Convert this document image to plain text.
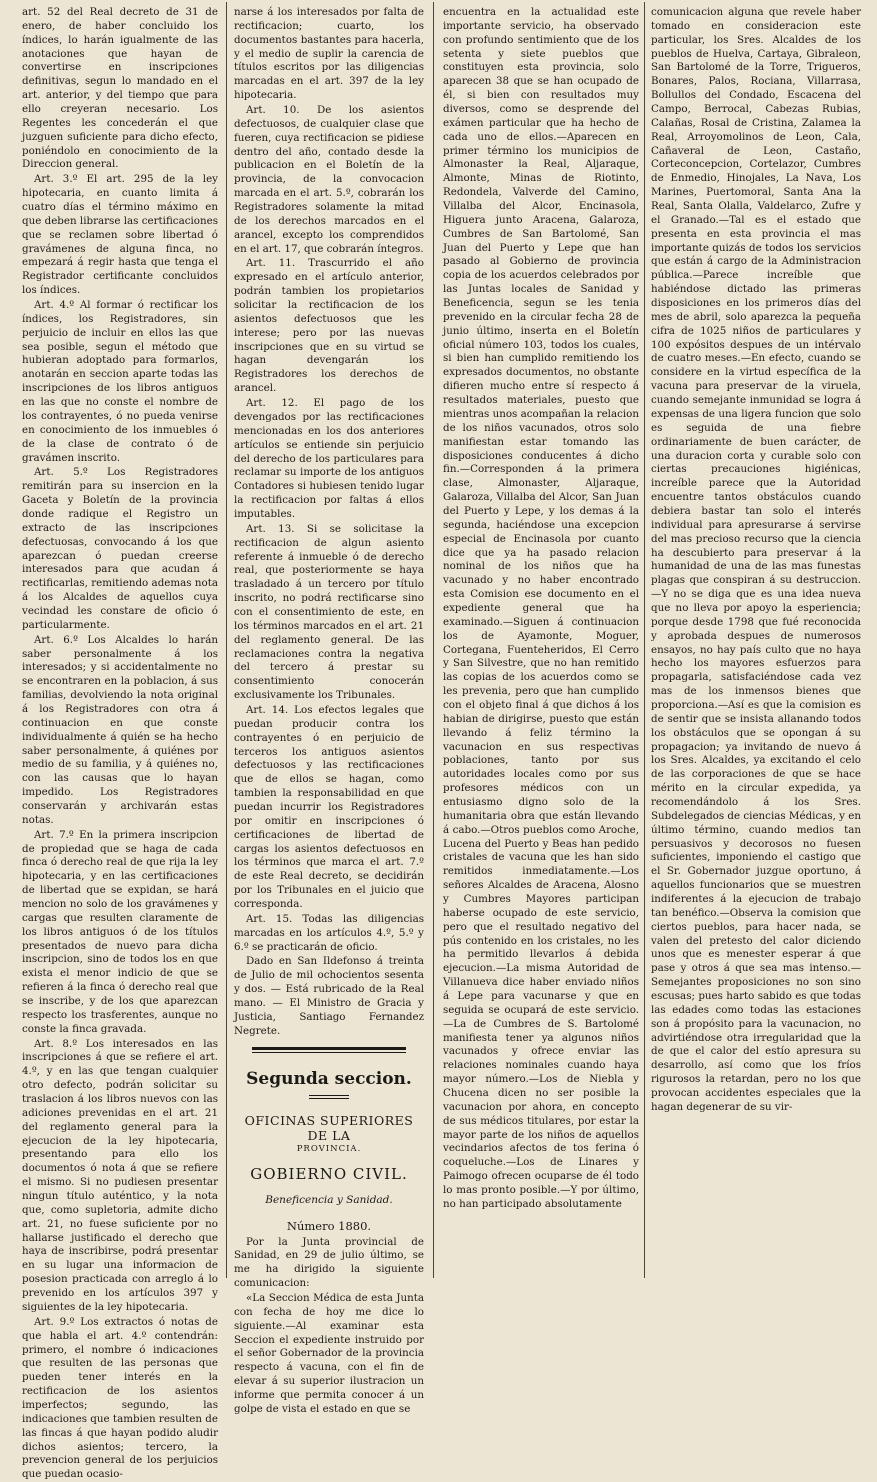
art. 52 del Real decreto de 31 de enero, de haber concluido los índices, lo harán igualmente de las anotaciones que hayan de convertirse en inscripciones definitivas, segun lo mandado en el art. anterior, y del tiempo que para ello creyeran necesario. Los Regentes les concederán el que juzguen suficiente para dicho efecto, poniéndolo en conocimiento de la Direccion general.

Art. 3.º El art. 295 de la ley hipotecaria, en cuanto limita á cuatro días el término máximo en que deben librarse las certificaciones que se reclamen sobre libertad ó gravámenes de alguna finca, no empezará á regir hasta que tenga el Registrador certificante concluidos los índices.

Art. 4.º Al formar ó rectificar los índices, los Registradores, sin perjuicio de incluir en ellos las que sea posible, segun el método que hubieran adoptado para formarlos, anotarán en seccion aparte todas las inscripciones de los libros antiguos en las que no conste el nombre de los contrayentes, ó no pueda venirse en conocimiento de los inmuebles ó de la clase de contrato ó de gravámen inscrito.

Art. 5.º Los Registradores remitirán para su insercion en la Gaceta y Boletín de la provincia donde radique el Registro un extracto de las inscripciones defectuosas, convocando á los que aparezcan ó puedan creerse interesados para que acudan á rectificarlas, remitiendo ademas nota á los Alcaldes de aquellos cuya vecindad les constare de oficio ó particularmente.

Art. 6.º Los Alcaldes lo harán saber personalmente á los interesados; y si accidentalmente no se encontraren en la poblacion, á sus familias, devolviendo la nota original á los Registradores con otra á continuacion en que conste individualmente á quién se ha hecho saber personalmente, á quiénes por medio de su familia, y á quiénes no, con las causas que lo hayan impedido. Los Registradores conservarán y archivarán estas notas.

Art. 7.º En la primera inscripcion de propiedad que se haga de cada finca ó derecho real de que rija la ley hipotecaria, y en las certificaciones de libertad que se expidan, se hará mencion no solo de los gravámenes y cargas que resulten claramente de los libros antiguos ó de los títulos presentados de nuevo para dicha inscripcion, sino de todos los en que exista el menor indicio de que se refieren á la finca ó derecho real que se inscribe, y de los que aparezcan respecto los trasferentes, aunque no conste la finca gravada.

Art. 8.º Los interesados en las inscripciones á que se refiere el art. 4.º, y en las que tengan cualquier otro defecto, podrán solicitar su traslacion á los libros nuevos con las adiciones prevenidas en el art. 21 del reglamento general para la ejecucion de la ley hipotecaria, presentando para ello los documentos ó nota á que se refiere el mismo. Si no pudiesen presentar ningun título auténtico, y la nota que, como supletoria, admite dicho art. 21, no fuese suficiente por no hallarse justificado el derecho que haya de inscribirse, podrá presentar en su lugar una informacion de posesion practicada con arreglo á lo prevenido en los artículos 397 y siguientes de la ley hipotecaria.

Art. 9.º Los extractos ó notas de que habla el art. 4.º contendrán: primero, el nombre ó indicaciones que resulten de las personas que pueden tener interés en la rectificacion de los asientos imperfectos; segundo, las indicaciones que tambien resulten de las fincas á que hayan podido aludir dichos asientos; tercero, la prevencion general de los perjuicios que puedan ocasio-

narse á los interesados por falta de rectificacion; cuarto, los documentos bastantes para hacerla, y el medio de suplir la carencia de títulos escritos por las diligencias marcadas en el art. 397 de la ley hipotecaria.

Art. 10. De los asientos defectuosos, de cualquier clase que fueren, cuya rectificacion se pidiese dentro del año, contado desde la publicacion en el Boletín de la provincia, de la convocacion marcada en el art. 5.º, cobrarán los Registradores solamente la mitad de los derechos marcados en el arancel, excepto los comprendidos en el art. 17, que cobrarán íntegros.

Art. 11. Trascurrido el año expresado en el artículo anterior, podrán tambien los propietarios solicitar la rectificacion de los asientos defectuosos que les interese; pero por las nuevas inscripciones que en su virtud se hagan devengarán los Registradores los derechos de arancel.

Art. 12. El pago de los devengados por las rectificaciones mencionadas en los dos anteriores artículos se entiende sin perjuicio del derecho de los particulares para reclamar su importe de los antiguos Contadores si hubiesen tenido lugar la rectificacion por faltas á ellos imputables.

Art. 13. Si se solicitase la rectificacion de algun asiento referente á inmueble ó de derecho real, que posteriormente se haya trasladado á un tercero por título inscrito, no podrá rectificarse sino con el consentimiento de este, en los términos marcados en el art. 21 del reglamento general. De las reclamaciones contra la negativa del tercero á prestar su consentimiento conocerán exclusivamente los Tribunales.

Art. 14. Los efectos legales que puedan producir contra los contrayentes ó en perjuicio de terceros los antiguos asientos defectuosos y las rectificaciones que de ellos se hagan, como tambien la responsabilidad en que puedan incurrir los Registradores por omitir en inscripciones ó certificaciones de libertad de cargas los asientos defectuosos en los términos que marca el art. 7.º de este Real decreto, se decidirán por los Tribunales en el juicio que corresponda.

Art. 15. Todas las diligencias marcadas en los artículos 4.º, 5.º y 6.º se practicarán de oficio.

Dado en San Ildefonso á treinta de Julio de mil ochocientos sesenta y dos. — Está rubricado de la Real mano. — El Ministro de Gracia y Justicia, Santiago Fernandez Negrete.

Segunda seccion.
OFICINAS SUPERIORES DE LA
PROVINCIA.
GOBIERNO CIVIL.
Beneficencia y Sanidad.
Número 1880.

Por la Junta provincial de Sanidad, en 29 de julio último, se me ha dirigido la siguiente comunicacion:

«La Seccion Médica de esta Junta con fecha de hoy me dice lo siguiente.—Al examinar esta Seccion el expediente instruido por el señor Gobernador de la provincia respecto á vacuna, con el fin de elevar á su superior ilustracion un informe que permita conocer á un golpe de vista el estado en que se

encuentra en la actualidad este importante servicio, ha observado con profundo sentimiento que de los setenta y siete pueblos que constituyen esta provincia, solo aparecen 38 que se han ocupado de él, si bien con resultados muy diversos, como se desprende del exámen particular que ha hecho de cada uno de ellos.—Aparecen en primer término los municipios de Almonaster la Real, Aljaraque, Almonte, Minas de Riotinto, Redondela, Valverde del Camino, Villalba del Alcor, Encinasola, Higuera junto Aracena, Galaroza, Cumbres de San Bartolomé, San Juan del Puerto y Lepe que han pasado al Gobierno de provincia copia de los acuerdos celebrados por las Juntas locales de Sanidad y Beneficencia, segun se les tenia prevenido en la circular fecha 28 de junio último, inserta en el Boletín oficial número 103, todos los cuales, si bien han cumplido remitiendo los expresados documentos, no obstante difieren mucho entre sí respecto á resultados materiales, puesto que mientras unos acompañan la relacion de los niños vacunados, otros solo manifiestan estar tomando las disposiciones conducentes á dicho fin.—Corresponden á la primera clase, Almonaster, Aljaraque, Galaroza, Villalba del Alcor, San Juan del Puerto y Lepe, y los demas á la segunda, haciéndose una excepcion especial de Encinasola por cuanto dice que ya ha pasado relacion nominal de los niños que ha vacunado y no haber encontrado esta Comision ese documento en el expediente general que ha examinado.—Siguen á continuacion los de Ayamonte, Moguer, Cortegana, Fuenteheridos, El Cerro y San Silvestre, que no han remitido las copias de los acuerdos como se les prevenia, pero que han cumplido con el objeto final á que dichos á los habian de dirigirse, puesto que están llevando á feliz término la vacunacion en sus respectivas poblaciones, tanto por sus autoridades locales como por sus profesores médicos con un entusiasmo digno solo de la humanitaria obra que están llevando á cabo.—Otros pueblos como Aroche, Lucena del Puerto y Beas han pedido cristales de vacuna que les han sido remitidos inmediatamente.—Los señores Alcaldes de Aracena, Alosno y Cumbres Mayores participan haberse ocupado de este servicio, pero que el resultado negativo del pús contenido en los cristales, no les ha permitido llevarlos á debida ejecucion.—La misma Autoridad de Villanueva dice haber enviado niños á Lepe para vacunarse y que en seguida se ocupará de este servicio.—La de Cumbres de S. Bartolomé manifiesta tener ya algunos niños vacunados y ofrece enviar las relaciones nominales cuando haya mayor número.—Los de Niebla y Chucena dicen no ser posible la vacunacion por ahora, en concepto de sus médicos titulares, por estar la mayor parte de los niños de aquellos vecindarios afectos de tos ferina ó coqueluche.—Los de Linares y Paimogo ofrecen ocuparse de él todo lo mas pronto posible.—Y por último, no han participado absolutamente

comunicacion alguna que revele haber tomado en consideracion este particular, los Sres. Alcaldes de los pueblos de Huelva, Cartaya, Gibraleon, San Bartolomé de la Torre, Trigueros, Bonares, Palos, Rociana, Villarrasa, Bollullos del Condado, Escacena del Campo, Berrocal, Cabezas Rubias, Calañas, Rosal de Cristina, Zalamea la Real, Arroyomolinos de Leon, Cala, Cañaveral de Leon, Castaño, Corteconcepcion, Cortelazor, Cumbres de Enmedio, Hinojales, La Nava, Los Marines, Puertomoral, Santa Ana la Real, Santa Olalla, Valdelarco, Zufre y el Granado.—Tal es el estado que presenta en esta provincia el mas importante quizás de todos los servicios que están á cargo de la Administracion pública.—Parece increíble que habiéndose dictado las primeras disposiciones en los primeros días del mes de abril, solo aparezca la pequeña cifra de 1025 niños de particulares y 100 expósitos despues de un intérvalo de cuatro meses.—En efecto, cuando se considere en la virtud específica de la vacuna para preservar de la viruela, cuando semejante inmunidad se logra á expensas de una ligera funcion que solo es seguida de una fiebre ordinariamente de buen carácter, de una duracion corta y curable solo con ciertas precauciones higiénicas, increíble parece que la Autoridad encuentre tantos obstáculos cuando debiera bastar tan solo el interés individual para apresurarse á servirse del mas precioso recurso que la ciencia ha descubierto para preservar á la humanidad de una de las mas funestas plagas que conspiran á su destruccion.—Y no se diga que es una idea nueva que no lleva por apoyo la esperiencia; porque desde 1798 que fué reconocida y aprobada despues de numerosos ensayos, no hay país culto que no haya hecho los mayores esfuerzos para propagarla, satisfaciéndose cada vez mas de los inmensos bienes que proporciona.—Así es que la comision es de sentir que se insista allanando todos los obstáculos que se opongan á su propagacion; ya invitando de nuevo á los Sres. Alcaldes, ya excitando el celo de las corporaciones de que se hace mérito en la circular expedida, ya recomendándolo á los Sres. Subdelegados de ciencias Médicas, y en último término, cuando medios tan persuasivos y decorosos no fuesen suficientes, imponiendo el castigo que el Sr. Gobernador juzgue oportuno, á aquellos funcionarios que se muestren indiferentes á la ejecucion de trabajo tan benéfico.—Observa la comision que ciertos pueblos, para hacer nada, se valen del pretesto del calor diciendo unos que es menester esperar á que pase y otros á que sea mas intenso.—Semejantes proposiciones no son sino escusas; pues harto sabido es que todas las edades como todas las estaciones son á propósito para la vacunacion, no advirtiéndose otra irregularidad que la de que el calor del estío apresura su desarrollo, así como que los fríos rigurosos la retardan, pero no los que provocan accidentes especiales que la hagan degenerar de su vir-
